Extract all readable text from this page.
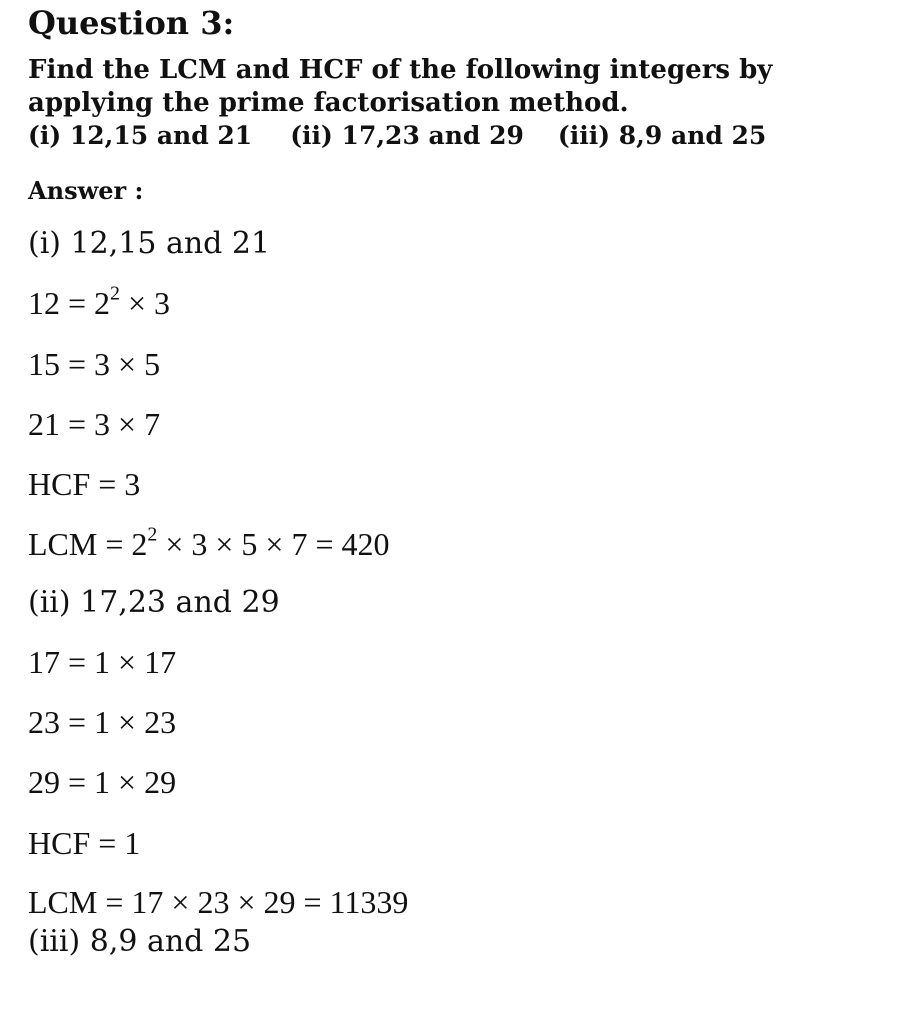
Question 3:
Find the LCM and HCF of the following integers by
applying the prime factorisation method.
(i) 12,15 and 21 (ii) 17,23 and 29 (iii) 8,9 and 25
Answer :
(i) 12,15 and 21
$12 = 2^2 \times 3$
15 = 3 × 5
21 = 3 × 7
HCF = 3
LCM = $2^2 \times 3 \times 5 \times 7 = 420$
(ii) 17,23 and 29
17 = 1 × 17
23 = 1 × 23
29 = 1 × 29
HCF = 1
LCM = 17 × 23 × 29 = 11339
(iii) 8,9 and 25
